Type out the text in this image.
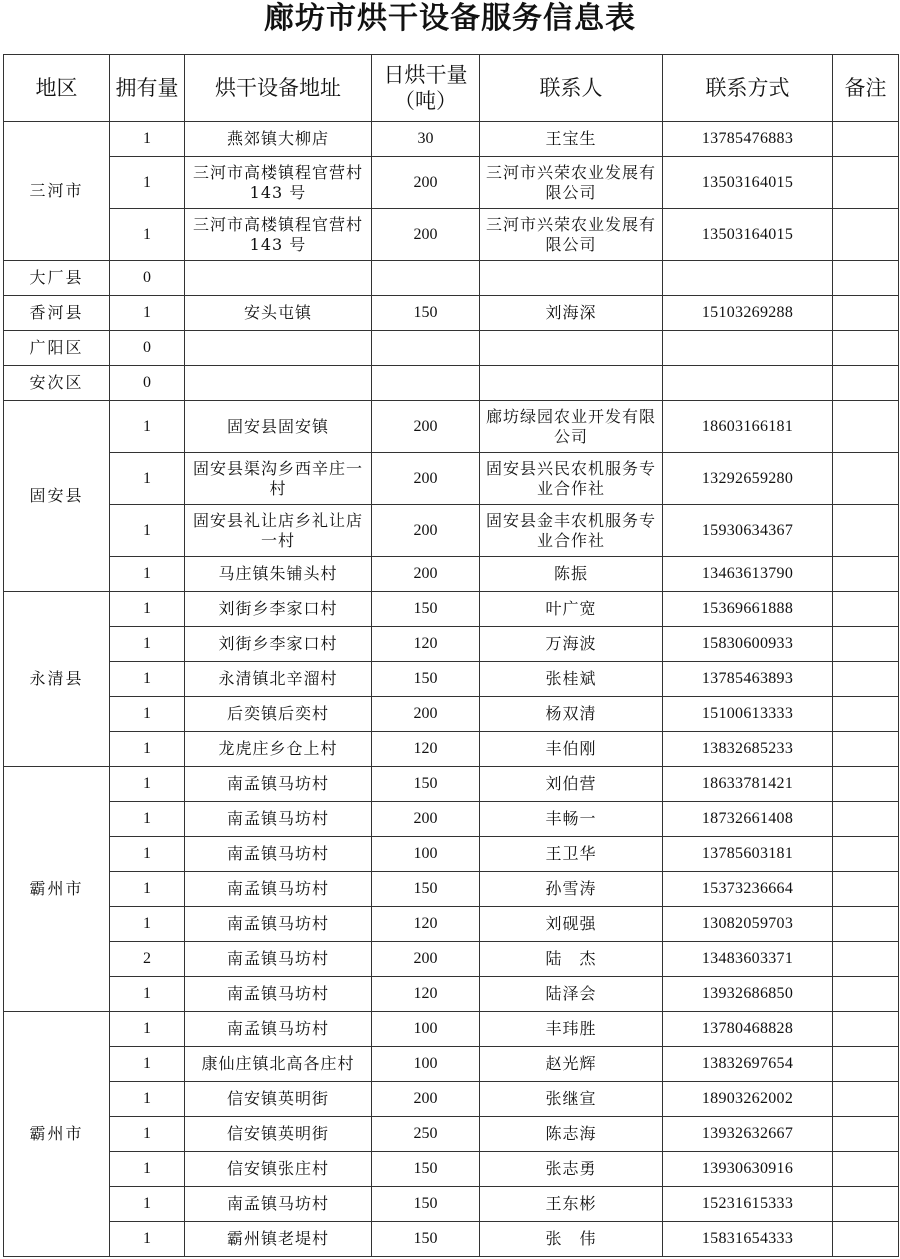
廊坊市烘干设备服务信息表
地区	拥有量	烘干设备地址	日烘干量（吨）	联系人	联系方式	备注
三河市	1	燕郊镇大柳店	30	王宝生	13785476883	
	1	三河市高楼镇程官营村 143 号	200	三河市兴荣农业发展有限公司	13503164015	
	1	三河市高楼镇程官营村 143 号	200	三河市兴荣农业发展有限公司	13503164015	
大厂县	0					
香河县	1	安头屯镇	150	刘海深	15103269288	
广阳区	0					
安次区	0					
固安县	1	固安县固安镇	200	廊坊绿园农业开发有限公司	18603166181	
	1	固安县渠沟乡西辛庄一村	200	固安县兴民农机服务专业合作社	13292659280	
	1	固安县礼让店乡礼让店一村	200	固安县金丰农机服务专业合作社	15930634367	
	1	马庄镇朱铺头村	200	陈振	13463613790	
永清县	1	刘街乡李家口村	150	叶广宽	15369661888	
	1	刘街乡李家口村	120	万海波	15830600933	
	1	永清镇北辛溜村	150	张桂斌	13785463893	
	1	后奕镇后奕村	200	杨双清	15100613333	
	1	龙虎庄乡仓上村	120	丰伯刚	13832685233	
霸州市	1	南孟镇马坊村	150	刘伯营	18633781421	
	1	南孟镇马坊村	200	丰畅一	18732661408	
	1	南孟镇马坊村	100	王卫华	13785603181	
	1	南孟镇马坊村	150	孙雪涛	15373236664	
	1	南孟镇马坊村	120	刘砚强	13082059703	
	2	南孟镇马坊村	200	陆　杰	13483603371	
	1	南孟镇马坊村	120	陆泽会	13932686850	
霸州市	1	南孟镇马坊村	100	丰玮胜	13780468828	
	1	康仙庄镇北高各庄村	100	赵光辉	13832697654	
	1	信安镇英明街	200	张继宣	18903262002	
	1	信安镇英明街	250	陈志海	13932632667	
	1	信安镇张庄村	150	张志勇	13930630916	
	1	南孟镇马坊村	150	王东彬	15231615333	
	1	霸州镇老堤村	150	张　伟	15831654333	
